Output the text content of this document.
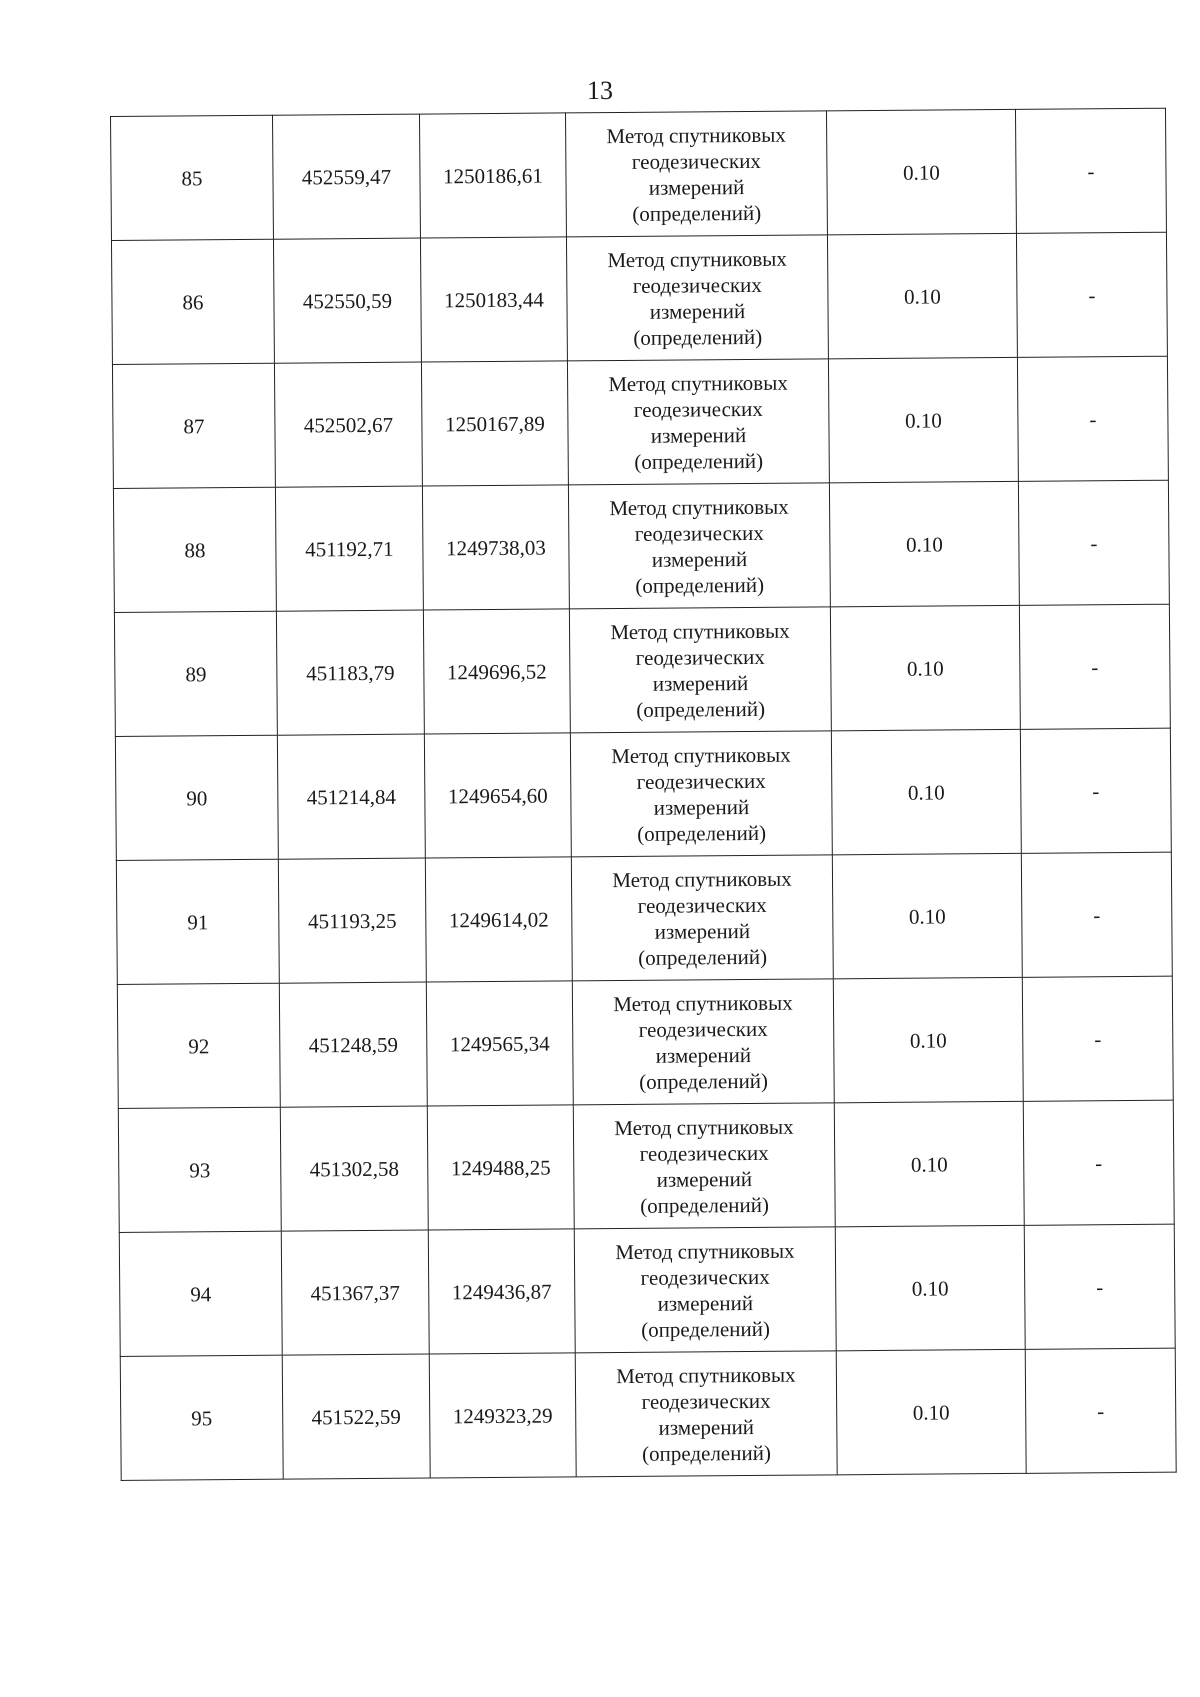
13
85	452559,47	1250186,61	Метод спутниковых
геодезических
измерений
(определений)	0.10	-
86	452550,59	1250183,44	Метод спутниковых
геодезических
измерений
(определений)	0.10	-
87	452502,67	1250167,89	Метод спутниковых
геодезических
измерений
(определений)	0.10	-
88	451192,71	1249738,03	Метод спутниковых
геодезических
измерений
(определений)	0.10	-
89	451183,79	1249696,52	Метод спутниковых
геодезических
измерений
(определений)	0.10	-
90	451214,84	1249654,60	Метод спутниковых
геодезических
измерений
(определений)	0.10	-
91	451193,25	1249614,02	Метод спутниковых
геодезических
измерений
(определений)	0.10	-
92	451248,59	1249565,34	Метод спутниковых
геодезических
измерений
(определений)	0.10	-
93	451302,58	1249488,25	Метод спутниковых
геодезических
измерений
(определений)	0.10	-
94	451367,37	1249436,87	Метод спутниковых
геодезических
измерений
(определений)	0.10	-
95	451522,59	1249323,29	Метод спутниковых
геодезических
измерений
(определений)	0.10	-
